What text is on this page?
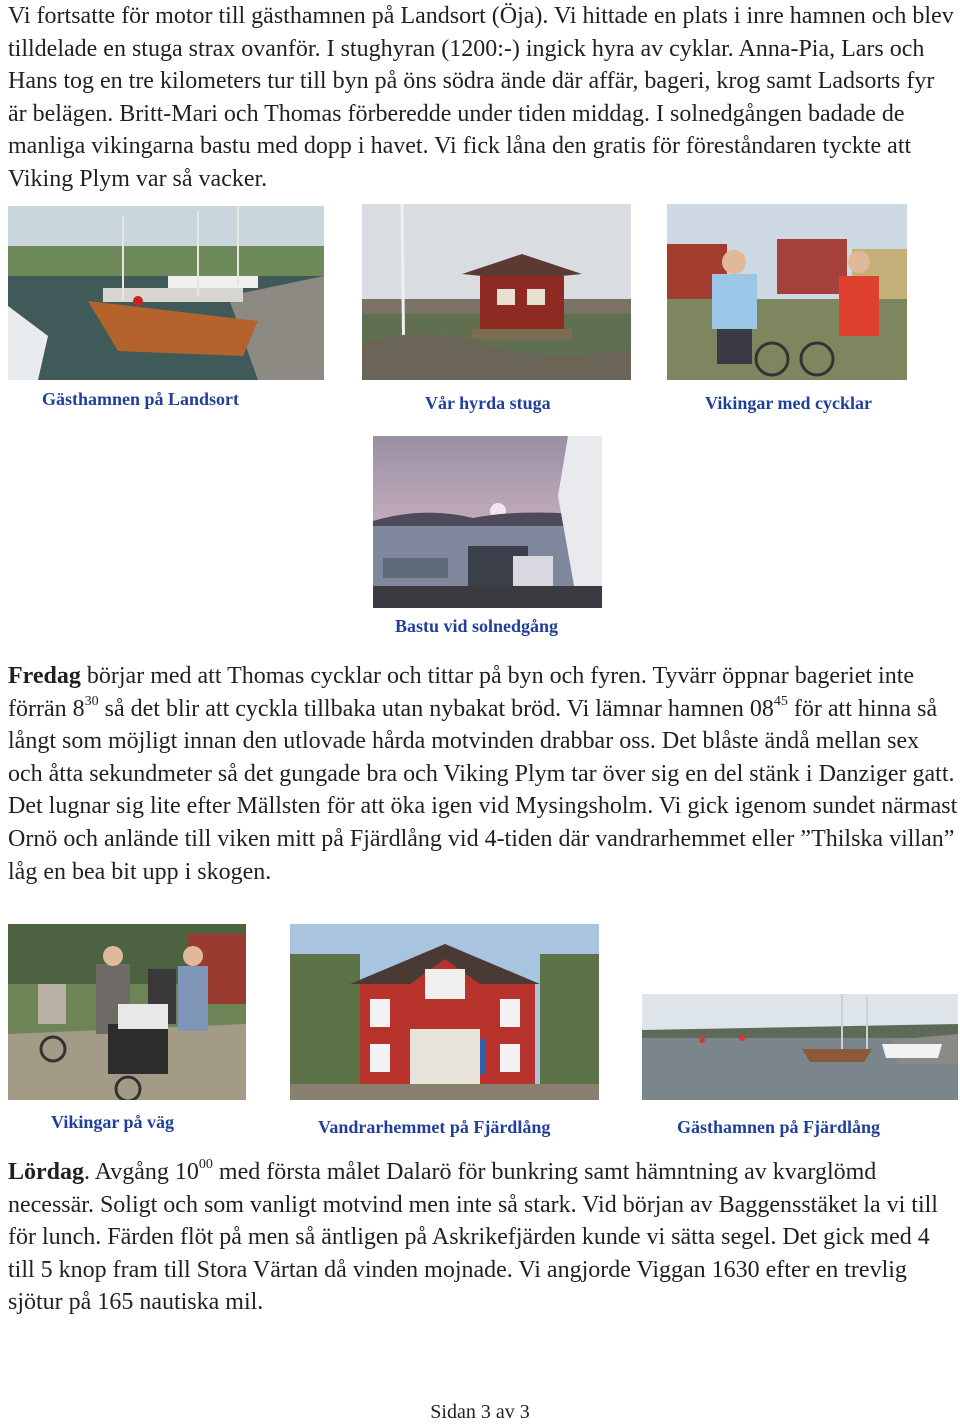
Vi fortsatte för motor till gästhamnen på Landsort (Öja). Vi hittade en plats i inre hamnen och blev tilldelade en stuga strax ovanför. I stughyran (1200:-) ingick hyra av cyklar. Anna-Pia, Lars och Hans tog en tre kilometers tur till byn på öns södra ände där affär, bageri, krog samt Ladsorts fyr är belägen. Britt-Mari och Thomas förberedde under tiden middag. I solnedgången badade de manliga vikingarna bastu med dopp i havet. Vi fick låna den gratis för föreståndaren tyckte att Viking Plym var så vacker.

Gästhamnen på Landsort	Vår hyrda stuga	Vikingar med cycklar
Bastu vid solnedgång

Fredag börjar med att Thomas cycklar och tittar på byn och fyren. Tyvärr öppnar bageriet inte förrän $8^{30}$ så det blir att cyckla tillbaka utan nybakat bröd. Vi lämnar hamnen $08^{45}$ för att hinna så långt som möjligt innan den utlovade hårda motvinden drabbar oss. Det blåste ändå mellan sex och åtta sekundmeter så det gungade bra och Viking Plym tar över sig en del stänk i Danziger gatt. Det lugnar sig lite efter Mällsten för att öka igen vid Mysingsholm. Vi gick igenom sundet närmast Ornö och anlände till viken mitt på Fjärdlång vid 4-tiden där vandrarhemmet eller ”Thilska villan” låg en bea bit upp i skogen.

Vikingar på väg	Vandrarhemmet på Fjärdlång	Gästhamnen på Fjärdlång

Lördag. Avgång $10^{00}$ med första målet Dalarö för bunkring samt hämntning av kvarglömd necessär. Soligt och som vanligt motvind men inte så stark. Vid början av Baggensstäket la vi till för lunch. Färden flöt på men så äntligen på Askrikefjärden kunde vi sätta segel. Det gick med 4 till 5 knop fram till Stora Värtan då vinden mojnade. Vi angjorde Viggan 1630 efter en trevlig sjötur på 165 nautiska mil.

Sidan 3 av 3
